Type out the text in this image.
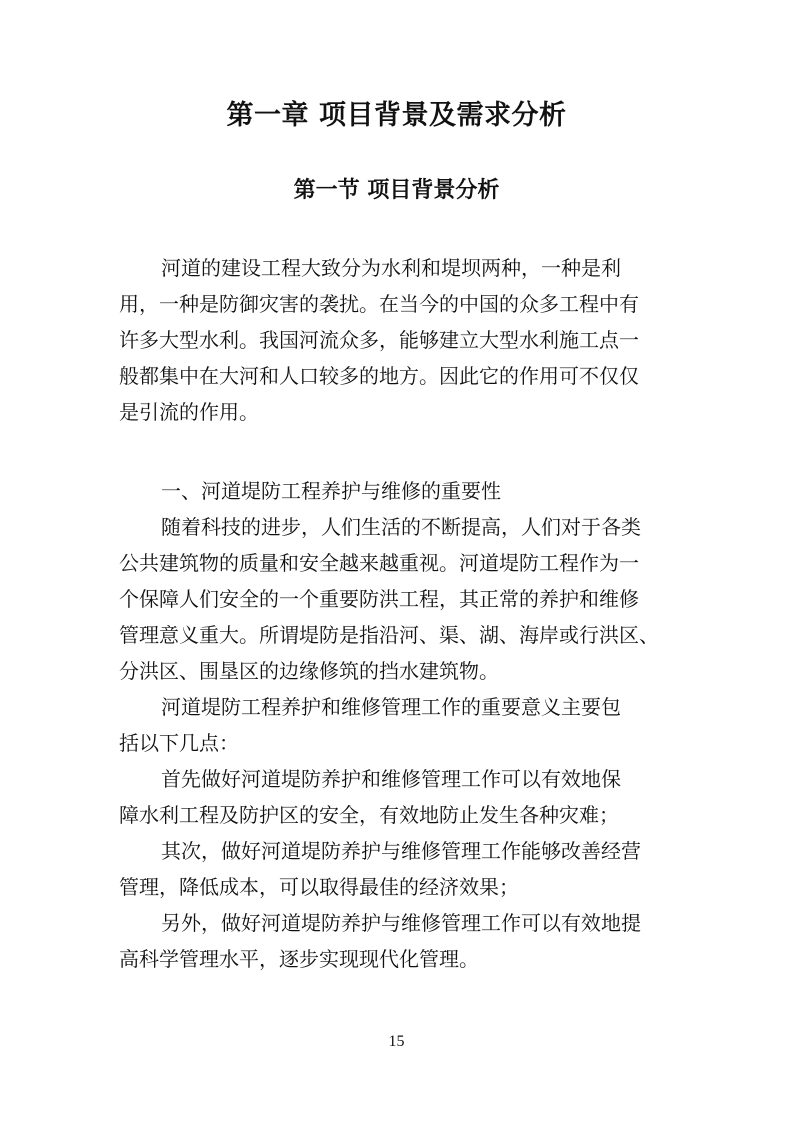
第一章 项目背景及需求分析
第一节 项目背景分析
河道的建设工程大致分为水利和堤坝两种，一种是利
用，一种是防御灾害的袭扰。在当今的中国的众多工程中有
许多大型水利。我国河流众多，能够建立大型水利施工点一
般都集中在大河和人口较多的地方。因此它的作用可不仅仅
是引流的作用。
一、河道堤防工程养护与维修的重要性
随着科技的进步，人们生活的不断提高，人们对于各类
公共建筑物的质量和安全越来越重视。河道堤防工程作为一
个保障人们安全的一个重要防洪工程，其正常的养护和维修
管理意义重大。所谓堤防是指沿河、渠、湖、海岸或行洪区、
分洪区、围垦区的边缘修筑的挡水建筑物。
河道堤防工程养护和维修管理工作的重要意义主要包
括以下几点：
首先做好河道堤防养护和维修管理工作可以有效地保
障水利工程及防护区的安全，有效地防止发生各种灾难；
其次，做好河道堤防养护与维修管理工作能够改善经营
管理，降低成本，可以取得最佳的经济效果；
另外，做好河道堤防养护与维修管理工作可以有效地提
高科学管理水平，逐步实现现代化管理。

15
